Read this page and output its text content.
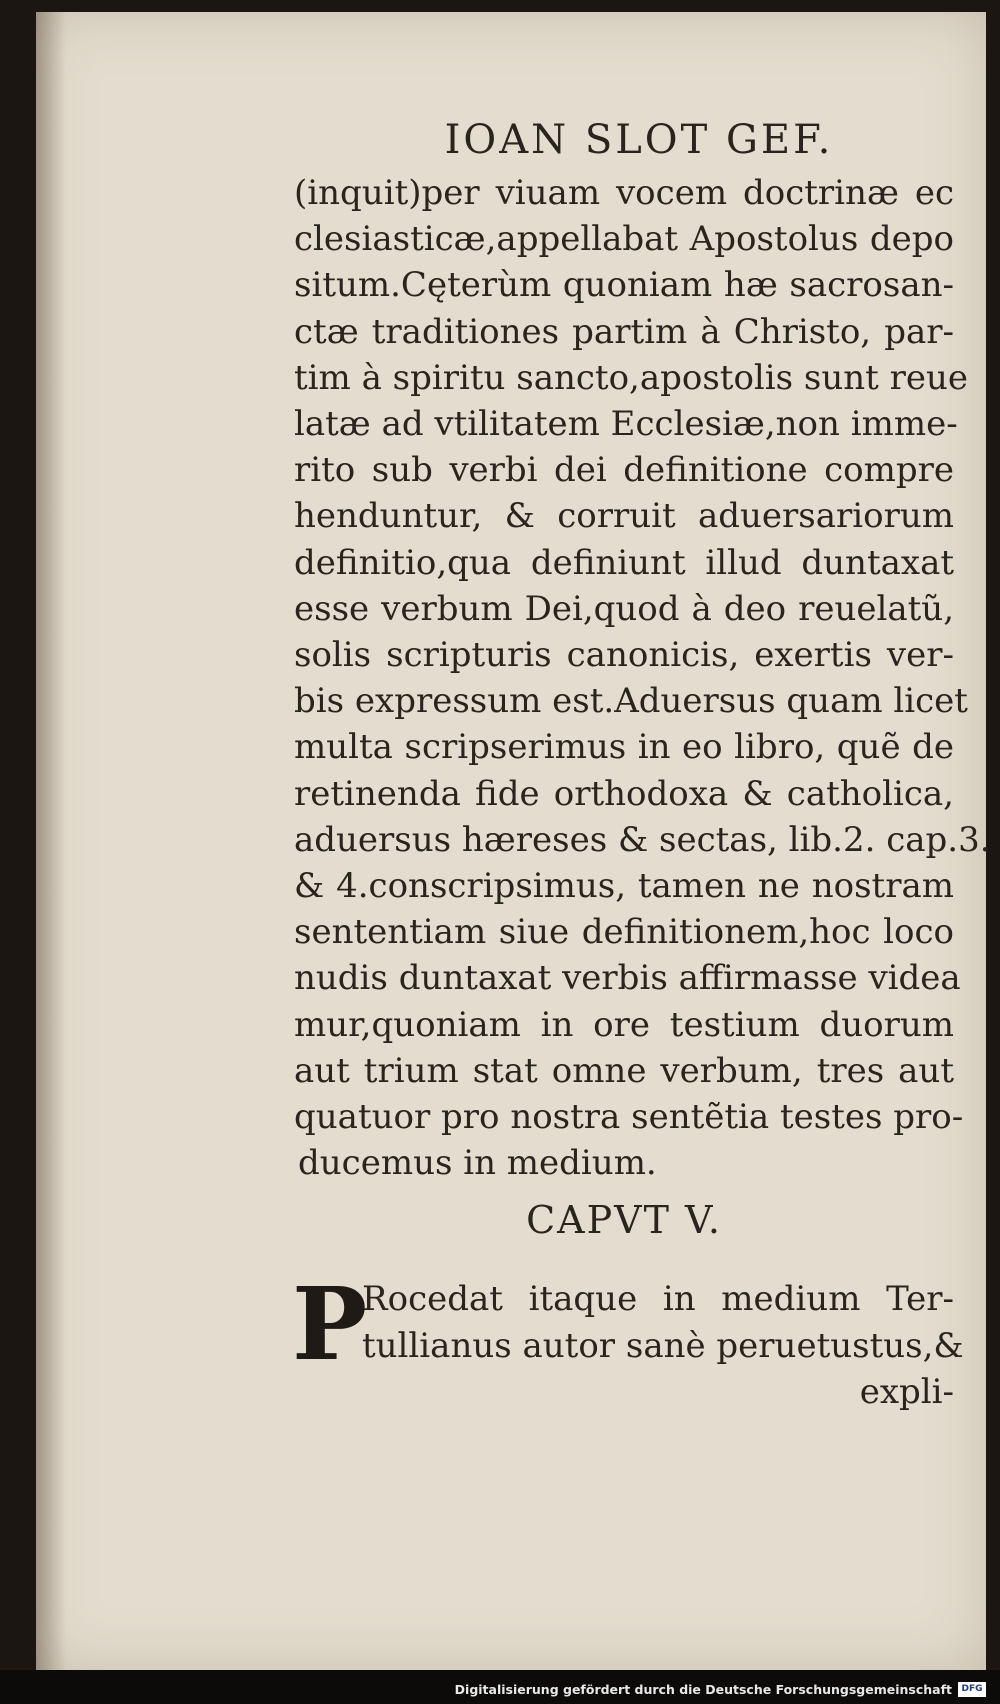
IOAN SLOT GEF.
(inquit)per viuam vocem doctrinæ ec
clesiasticæ,appellabat Apostolus depo
situm.Cęterùm quoniam hæ sacrosan-
ctæ traditiones partim à Christo, par-
tim à spiritu sancto,apostolis sunt reue
latæ ad vtilitatem Ecclesiæ,non imme-
rito sub verbi dei definitione compre
henduntur, & corruit aduersariorum
definitio,qua definiunt illud duntaxat
esse verbum Dei,quod à deo reuelatũ,
solis scripturis canonicis, exertis ver-
bis expressum est.Aduersus quam licet
multa scripserimus in eo libro, quẽ de
retinenda fide orthodoxa & catholica,
aduersus hæreses & sectas, lib.2. cap.3.
& 4.conscripsimus, tamen ne nostram
sententiam siue definitionem,hoc loco
nudis duntaxat verbis affirmasse videa
mur,quoniam in ore testium duorum
aut trium stat omne verbum, tres aut
quatuor pro nostra sentẽtia testes pro-
ducemus in medium.
CAPVT V.
P
Rocedat itaque in medium Ter-
tullianus autor sanè peruetustus,&
expli-
Digitalisierung gefördert durch die Deutsche Forschungsgemeinschaft	DFG
